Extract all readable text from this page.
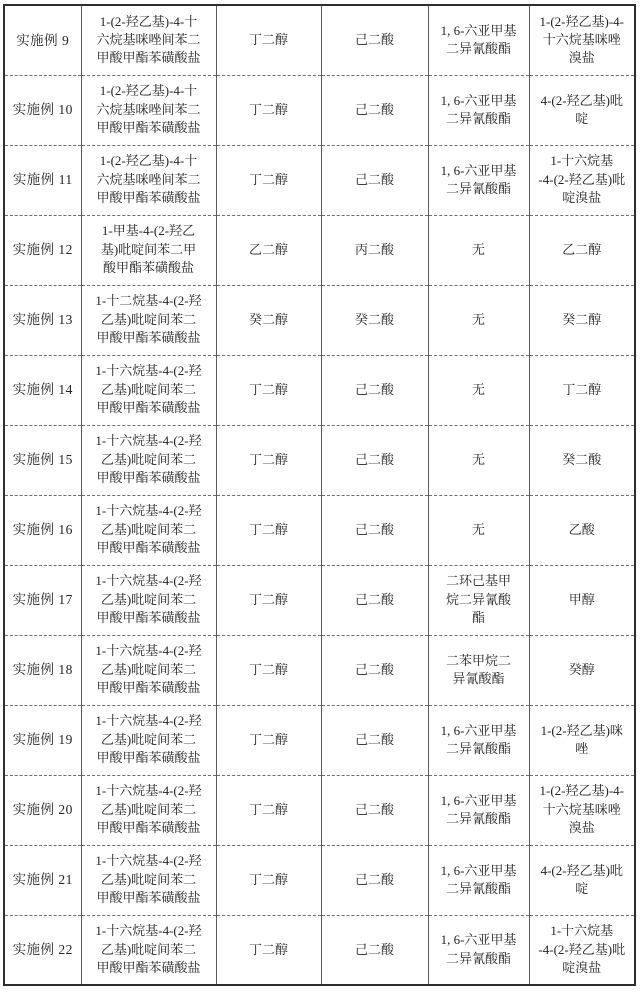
实施例 9	1-(2-羟乙基)-4-十
六烷基咪唑间苯二
甲酸甲酯苯磺酸盐	丁二醇	己二酸	1, 6-六亚甲基
二异氰酸酯	1-(2-羟乙基)-4-
十六烷基咪唑
溴盐
实施例 10	1-(2-羟乙基)-4-十
六烷基咪唑间苯二
甲酸甲酯苯磺酸盐	丁二醇	己二酸	1, 6-六亚甲基
二异氰酸酯	4-(2-羟乙基)吡
啶
实施例 11	1-(2-羟乙基)-4-十
六烷基咪唑间苯二
甲酸甲酯苯磺酸盐	丁二醇	己二酸	1, 6-六亚甲基
二异氰酸酯	1-十六烷基
-4-(2-羟乙基)吡
啶溴盐
实施例 12	1-甲基-4-(2-羟乙
基)吡啶间苯二甲
酸甲酯苯磺酸盐	乙二醇	丙二酸	无	乙二醇
实施例 13	1-十二烷基-4-(2-羟
乙基)吡啶间苯二
甲酸甲酯苯磺酸盐	癸二醇	癸二酸	无	癸二醇
实施例 14	1-十六烷基-4-(2-羟
乙基)吡啶间苯二
甲酸甲酯苯磺酸盐	丁二醇	己二酸	无	丁二醇
实施例 15	1-十六烷基-4-(2-羟
乙基)吡啶间苯二
甲酸甲酯苯磺酸盐	丁二醇	己二酸	无	癸二酸
实施例 16	1-十六烷基-4-(2-羟
乙基)吡啶间苯二
甲酸甲酯苯磺酸盐	丁二醇	己二酸	无	乙酸
实施例 17	1-十六烷基-4-(2-羟
乙基)吡啶间苯二
甲酸甲酯苯磺酸盐	丁二醇	己二酸	二环己基甲
烷二异氰酸
酯	甲醇
实施例 18	1-十六烷基-4-(2-羟
乙基)吡啶间苯二
甲酸甲酯苯磺酸盐	丁二醇	己二酸	二苯甲烷二
异氰酸酯	癸醇
实施例 19	1-十六烷基-4-(2-羟
乙基)吡啶间苯二
甲酸甲酯苯磺酸盐	丁二醇	己二酸	1, 6-六亚甲基
二异氰酸酯	1-(2-羟乙基)咪
唑
实施例 20	1-十六烷基-4-(2-羟
乙基)吡啶间苯二
甲酸甲酯苯磺酸盐	丁二醇	己二酸	1, 6-六亚甲基
二异氰酸酯	1-(2-羟乙基)-4-
十六烷基咪唑
溴盐
实施例 21	1-十六烷基-4-(2-羟
乙基)吡啶间苯二
甲酸甲酯苯磺酸盐	丁二醇	己二酸	1, 6-六亚甲基
二异氰酸酯	4-(2-羟乙基)吡
啶
实施例 22	1-十六烷基-4-(2-羟
乙基)吡啶间苯二
甲酸甲酯苯磺酸盐	丁二醇	己二酸	1, 6-六亚甲基
二异氰酸酯	1-十六烷基
-4-(2-羟乙基)吡
啶溴盐
